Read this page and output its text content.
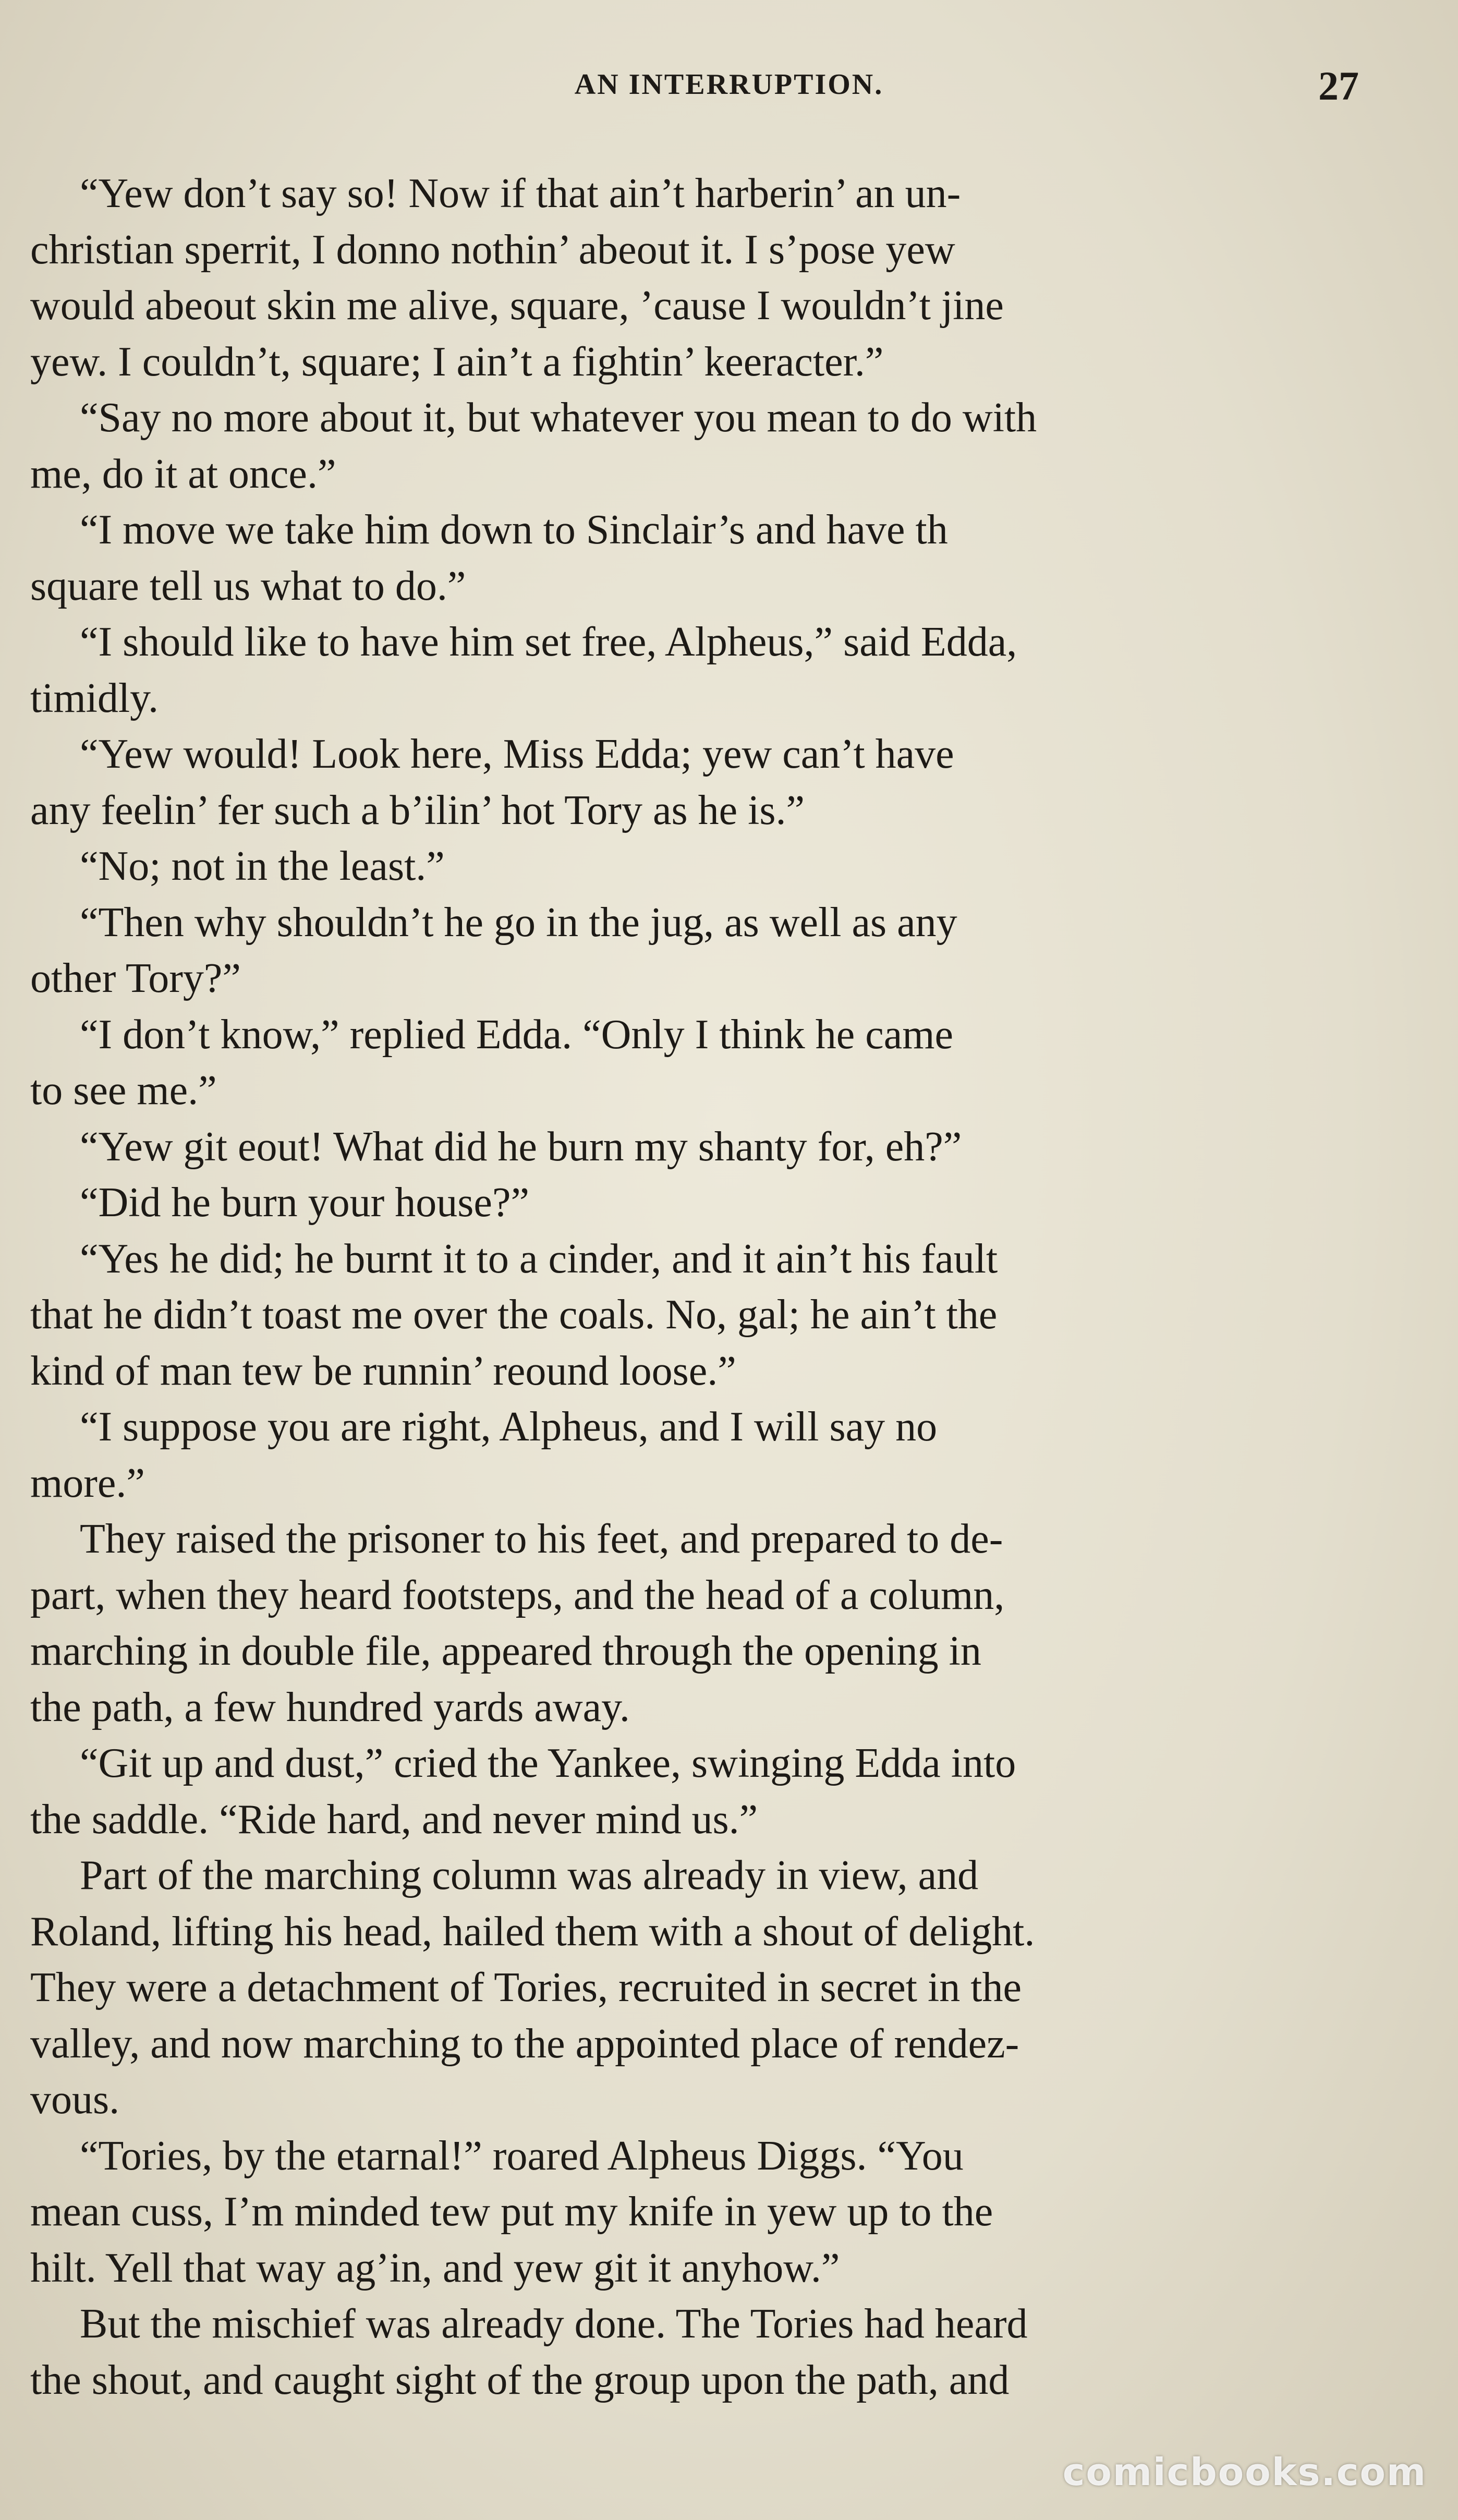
AN INTERRUPTION.	27
“Yew don’t say so! Now if that ain’t harberin’ an un-
christian sperrit, I donno nothin’ abeout it. I s’pose yew
would abeout skin me alive, square, ’cause I wouldn’t jine
yew. I couldn’t, square; I ain’t a fightin’ keeracter.”
“Say no more about it, but whatever you mean to do with
me, do it at once.”
“I move we take him down to Sinclair’s and have th
square tell us what to do.”
“I should like to have him set free, Alpheus,” said Edda,
timidly.
“Yew would! Look here, Miss Edda; yew can’t have
any feelin’ fer such a b’ilin’ hot Tory as he is.”
“No; not in the least.”
“Then why shouldn’t he go in the jug, as well as any
other Tory?”
“I don’t know,” replied Edda. “Only I think he came
to see me.”
“Yew git eout! What did he burn my shanty for, eh?”
“Did he burn your house?”
“Yes he did; he burnt it to a cinder, and it ain’t his fault
that he didn’t toast me over the coals. No, gal; he ain’t the
kind of man tew be runnin’ reound loose.”
“I suppose you are right, Alpheus, and I will say no
more.”
They raised the prisoner to his feet, and prepared to de-
part, when they heard footsteps, and the head of a column,
marching in double file, appeared through the opening in
the path, a few hundred yards away.
“Git up and dust,” cried the Yankee, swinging Edda into
the saddle. “Ride hard, and never mind us.”
Part of the marching column was already in view, and
Roland, lifting his head, hailed them with a shout of delight.
They were a detachment of Tories, recruited in secret in the
valley, and now marching to the appointed place of rendez-
vous.
“Tories, by the etarnal!” roared Alpheus Diggs. “You
mean cuss, I’m minded tew put my knife in yew up to the
hilt. Yell that way ag’in, and yew git it anyhow.”
But the mischief was already done. The Tories had heard
the shout, and caught sight of the group upon the path, and
comicbooks.com
